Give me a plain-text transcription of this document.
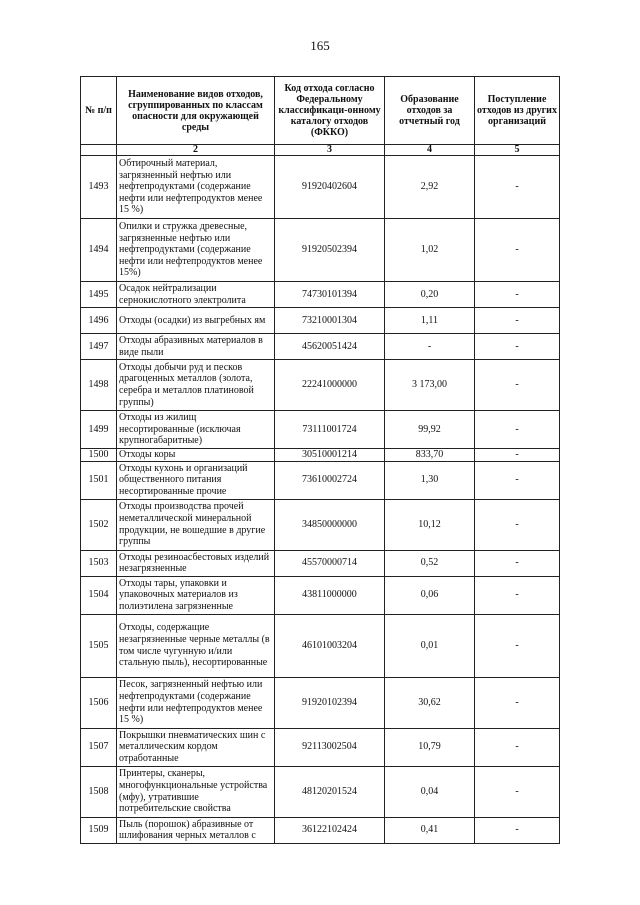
165
№ п/п	Наименование видов отходов, сгруппированных по классам опасности для окружающей среды	Код отхода согласно Федеральному классификаци-онному каталогу отходов (ФККО)	Образование отходов за отчетный год	Поступление отходов из других организаций
	2	3	4	5
1493	Обтирочный материал, загрязненный нефтью или нефтепродуктами (содержание нефти или нефтепродуктов менее 15 %)	91920402604	2,92	-
1494	Опилки и стружка древесные, загрязненные нефтью или нефтепродуктами (содержание нефти или нефтепродуктов менее 15%)	91920502394	1,02	-
1495	Осадок нейтрализации сернокислотного электролита	74730101394	0,20	-
1496	Отходы (осадки) из выгребных ям	73210001304	1,11	-
1497	Отходы абразивных материалов в виде пыли	45620051424	-	-
1498	Отходы добычи руд и песков драгоценных металлов (золота, серебра и металлов платиновой группы)	22241000000	3 173,00	-
1499	Отходы из жилищ несортированные (исключая крупногабаритные)	73111001724	99,92	-
1500	Отходы коры	30510001214	833,70	-
1501	Отходы кухонь и организаций общественного питания несортированные прочие	73610002724	1,30	-
1502	Отходы производства прочей неметаллической минеральной продукции, не вошедшие в другие группы	34850000000	10,12	-
1503	Отходы резиноасбестовых изделий незагрязненные	45570000714	0,52	-
1504	Отходы тары, упаковки и упаковочных материалов из полиэтилена загрязненные	43811000000	0,06	-
1505	Отходы, содержащие незагрязненные черные металлы (в том числе чугунную и/или стальную пыль), несортированные	46101003204	0,01	-
1506	Песок, загрязненный нефтью или нефтепродуктами (содержание нефти или нефтепродуктов менее 15 %)	91920102394	30,62	-
1507	Покрышки пневматических шин с металлическим кордом отработанные	92113002504	10,79	-
1508	Принтеры, сканеры, многофункциональные устройства (мфу), утратившие потребительские свойства	48120201524	0,04	-
1509	Пыль (порошок) абразивные от шлифования черных металлов с	36122102424	0,41	-
